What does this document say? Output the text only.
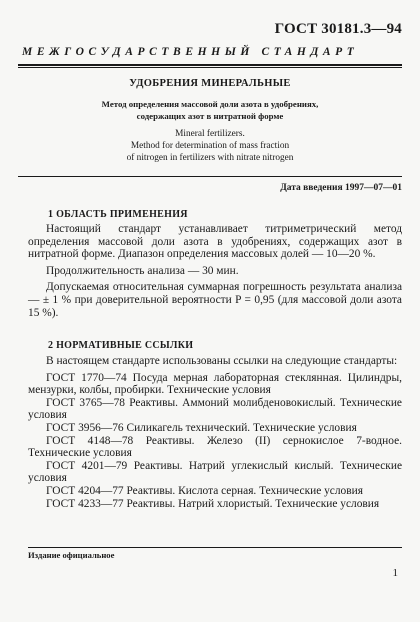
ГОСТ 30181.3—94
МЕЖГОСУДАРСТВЕННЫЙ СТАНДАРТ
УДОБРЕНИЯ МИНЕРАЛЬНЫЕ
Метод определения массовой доли азота в удобрениях,
содержащих азот в нитратной форме
Mineral fertilizers.
Method for determination of mass fraction
of nitrogen in fertilizers with nitrate nitrogen
Дата введения 1997—07—01
1 ОБЛАСТЬ ПРИМЕНЕНИЯ

Настоящий стандарт устанавливает титриметрический метод определения массовой доли азота в удобрениях, содержащих азот в нитратной форме. Диапазон определения массовых долей — 10—20 %.

Продолжительность анализа — 30 мин.

Допускаемая относительная суммарная погрешность результата анализа — ± 1 % при доверительной вероятности P = 0,95 (для массовой доли азота 15 %).

2 НОРМАТИВНЫЕ ССЫЛКИ

В настоящем стандарте использованы ссылки на следующие стандарты:

ГОСТ 1770—74 Посуда мерная лабораторная стеклянная. Цилиндры, мензурки, колбы, пробирки. Технические условия

ГОСТ 3765—78 Реактивы. Аммоний молибденовокислый. Технические условия

ГОСТ 3956—76 Силикагель технический. Технические условия

ГОСТ 4148—78 Реактивы. Железо (II) сернокислое 7-водное. Технические условия

ГОСТ 4201—79 Реактивы. Натрий углекислый кислый. Технические условия

ГОСТ 4204—77 Реактивы. Кислота серная. Технические условия

ГОСТ 4233—77 Реактивы. Натрий хлористый. Технические условия

Издание официальное
1
